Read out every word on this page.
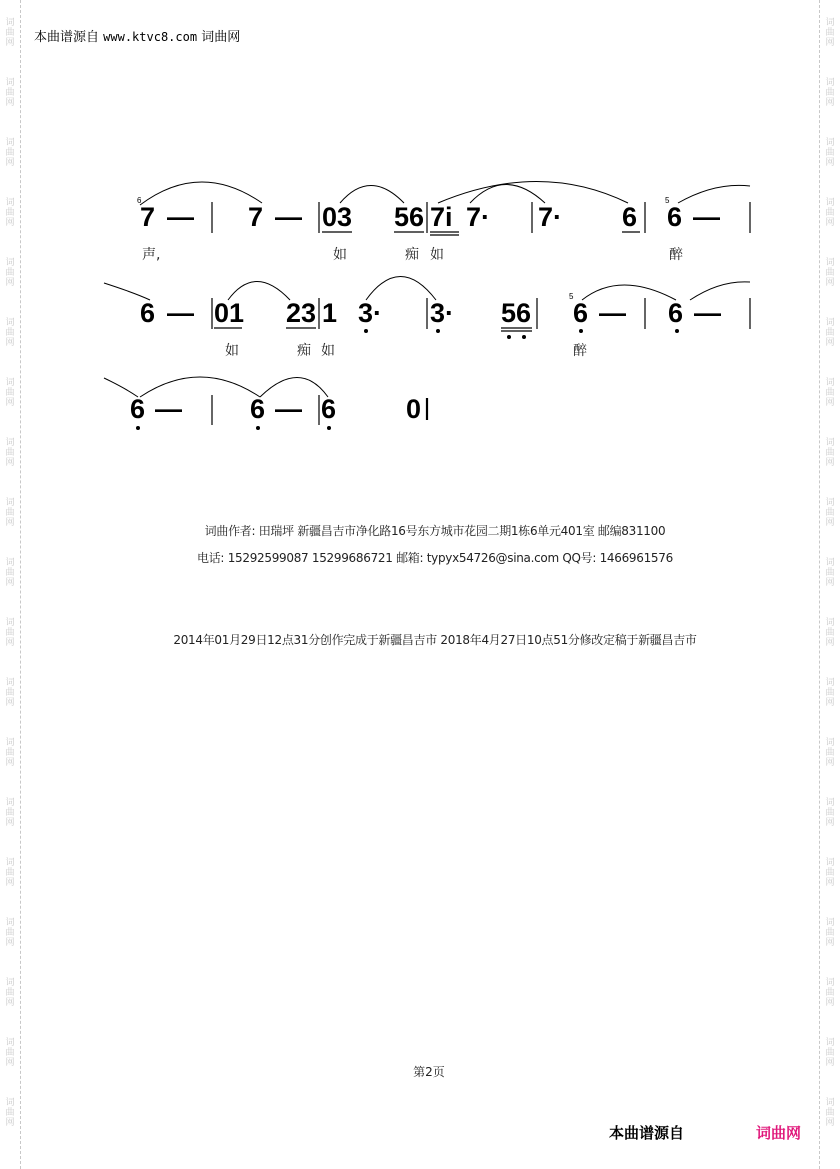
词
曲
网
词
曲
网
词
曲
网
词
曲
网
词
曲
网
词
曲
网
词
曲
网
词
曲
网
词
曲
网
词
曲
网
词
曲
网
词
曲
网
词
曲
网
词
曲
网
词
曲
网
词
曲
网
词
曲
网
词
曲
网
词
曲
网
词
曲
网
词
曲
网
词
曲
网
词
曲
网
词
曲
网
词
曲
网
词
曲
网
词
曲
网
词
曲
网
词
曲
网
词
曲
网
词
曲
网
词
曲
网
词
曲
网
词
曲
网
词
曲
网
词
曲
网
词
曲
网
词
曲
网
本曲谱源自 www.ktvc8.com 词曲网
7 — 7 — 03 56 7i 7· 7· 6 6 —
6	5
声,	如	痴 如	醉
6 — 01 23 1 3· 3· 56 6 — 6 —
5
如	痴 如	醉
6 —	6 — 6	0
词曲作者: 田瑞坪 新疆昌吉市净化路16号东方城市花园二期1栋6单元401室 邮编831100
电话: 15292599087 15299686721 邮箱: typyx54726@sina.com QQ号: 1466961576
2014年01月29日12点31分创作完成于新疆昌吉市 2018年4月27日10点51分修改定稿于新疆昌吉市
第2页
本曲谱源自	词曲网
